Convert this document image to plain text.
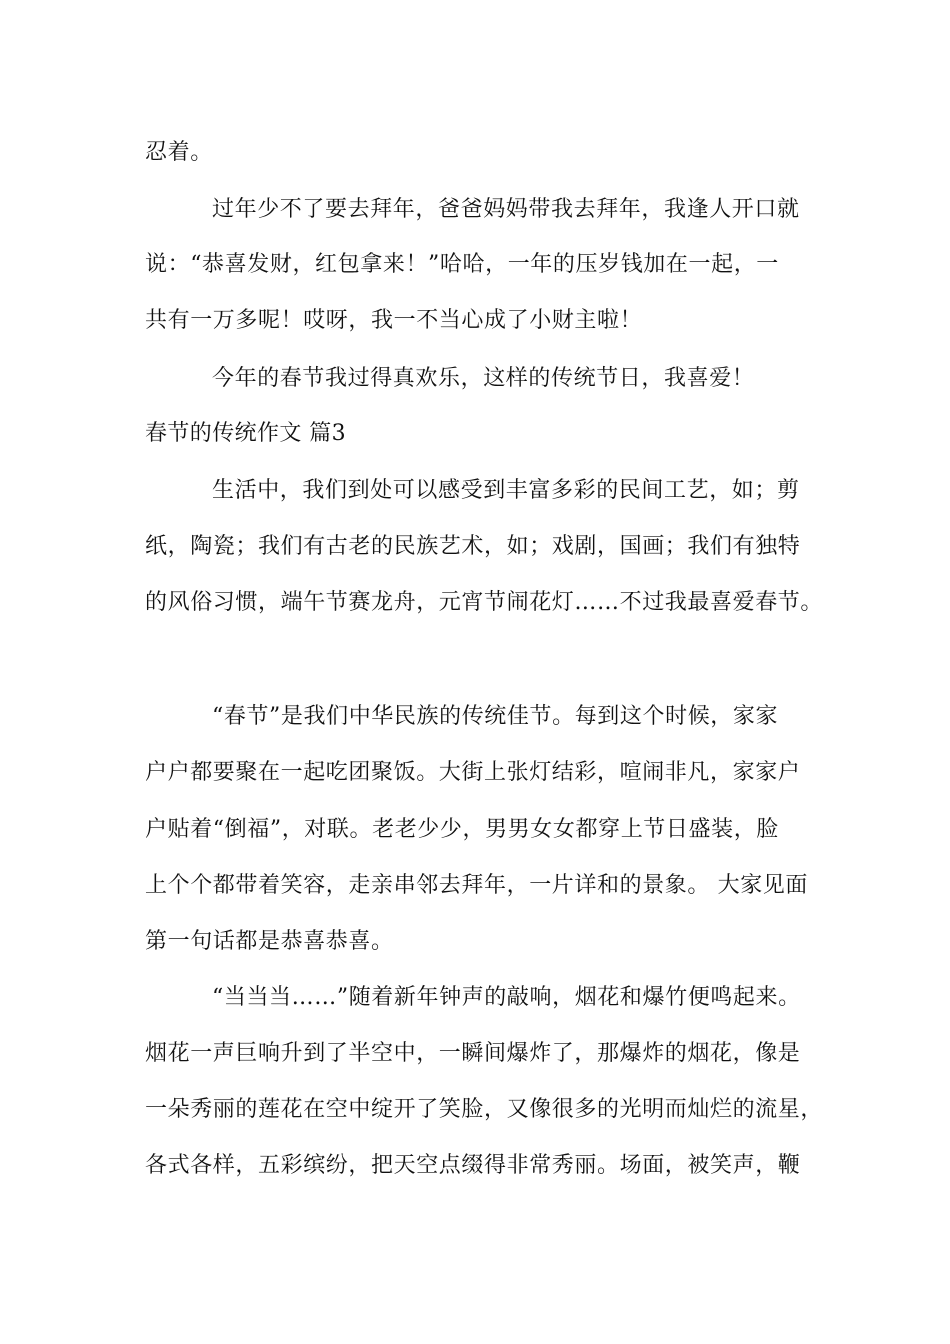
忍着。

过年少不了要去拜年，爸爸妈妈带我去拜年，我逢人开口就

说：“恭喜发财，红包拿来！”哈哈，一年的压岁钱加在一起，一

共有一万多呢！哎呀，我一不当心成了小财主啦！

今年的春节我过得真欢乐，这样的传统节日，我喜爱！

春节的传统作文 篇3

生活中，我们到处可以感受到丰富多彩的民间工艺，如；剪

纸，陶瓷；我们有古老的民族艺术，如；戏剧，国画；我们有独特

的风俗习惯，端午节赛龙舟，元宵节闹花灯……不过我最喜爱春节。

“春节”是我们中华民族的传统佳节。每到这个时候，家家

户户都要聚在一起吃团聚饭。大街上张灯结彩，喧闹非凡，家家户

户贴着“倒福”，对联。老老少少，男男女女都穿上节日盛装，脸

上个个都带着笑容，走亲串邻去拜年，一片详和的景象。 大家见面

第一句话都是恭喜恭喜。

“当当当……”随着新年钟声的敲响，烟花和爆竹便鸣起来。

烟花一声巨响升到了半空中，一瞬间爆炸了，那爆炸的烟花，像是

一朵秀丽的莲花在空中绽开了笑脸，又像很多的光明而灿烂的流星，

各式各样，五彩缤纷，把天空点缀得非常秀丽。场面，被笑声，鞭
